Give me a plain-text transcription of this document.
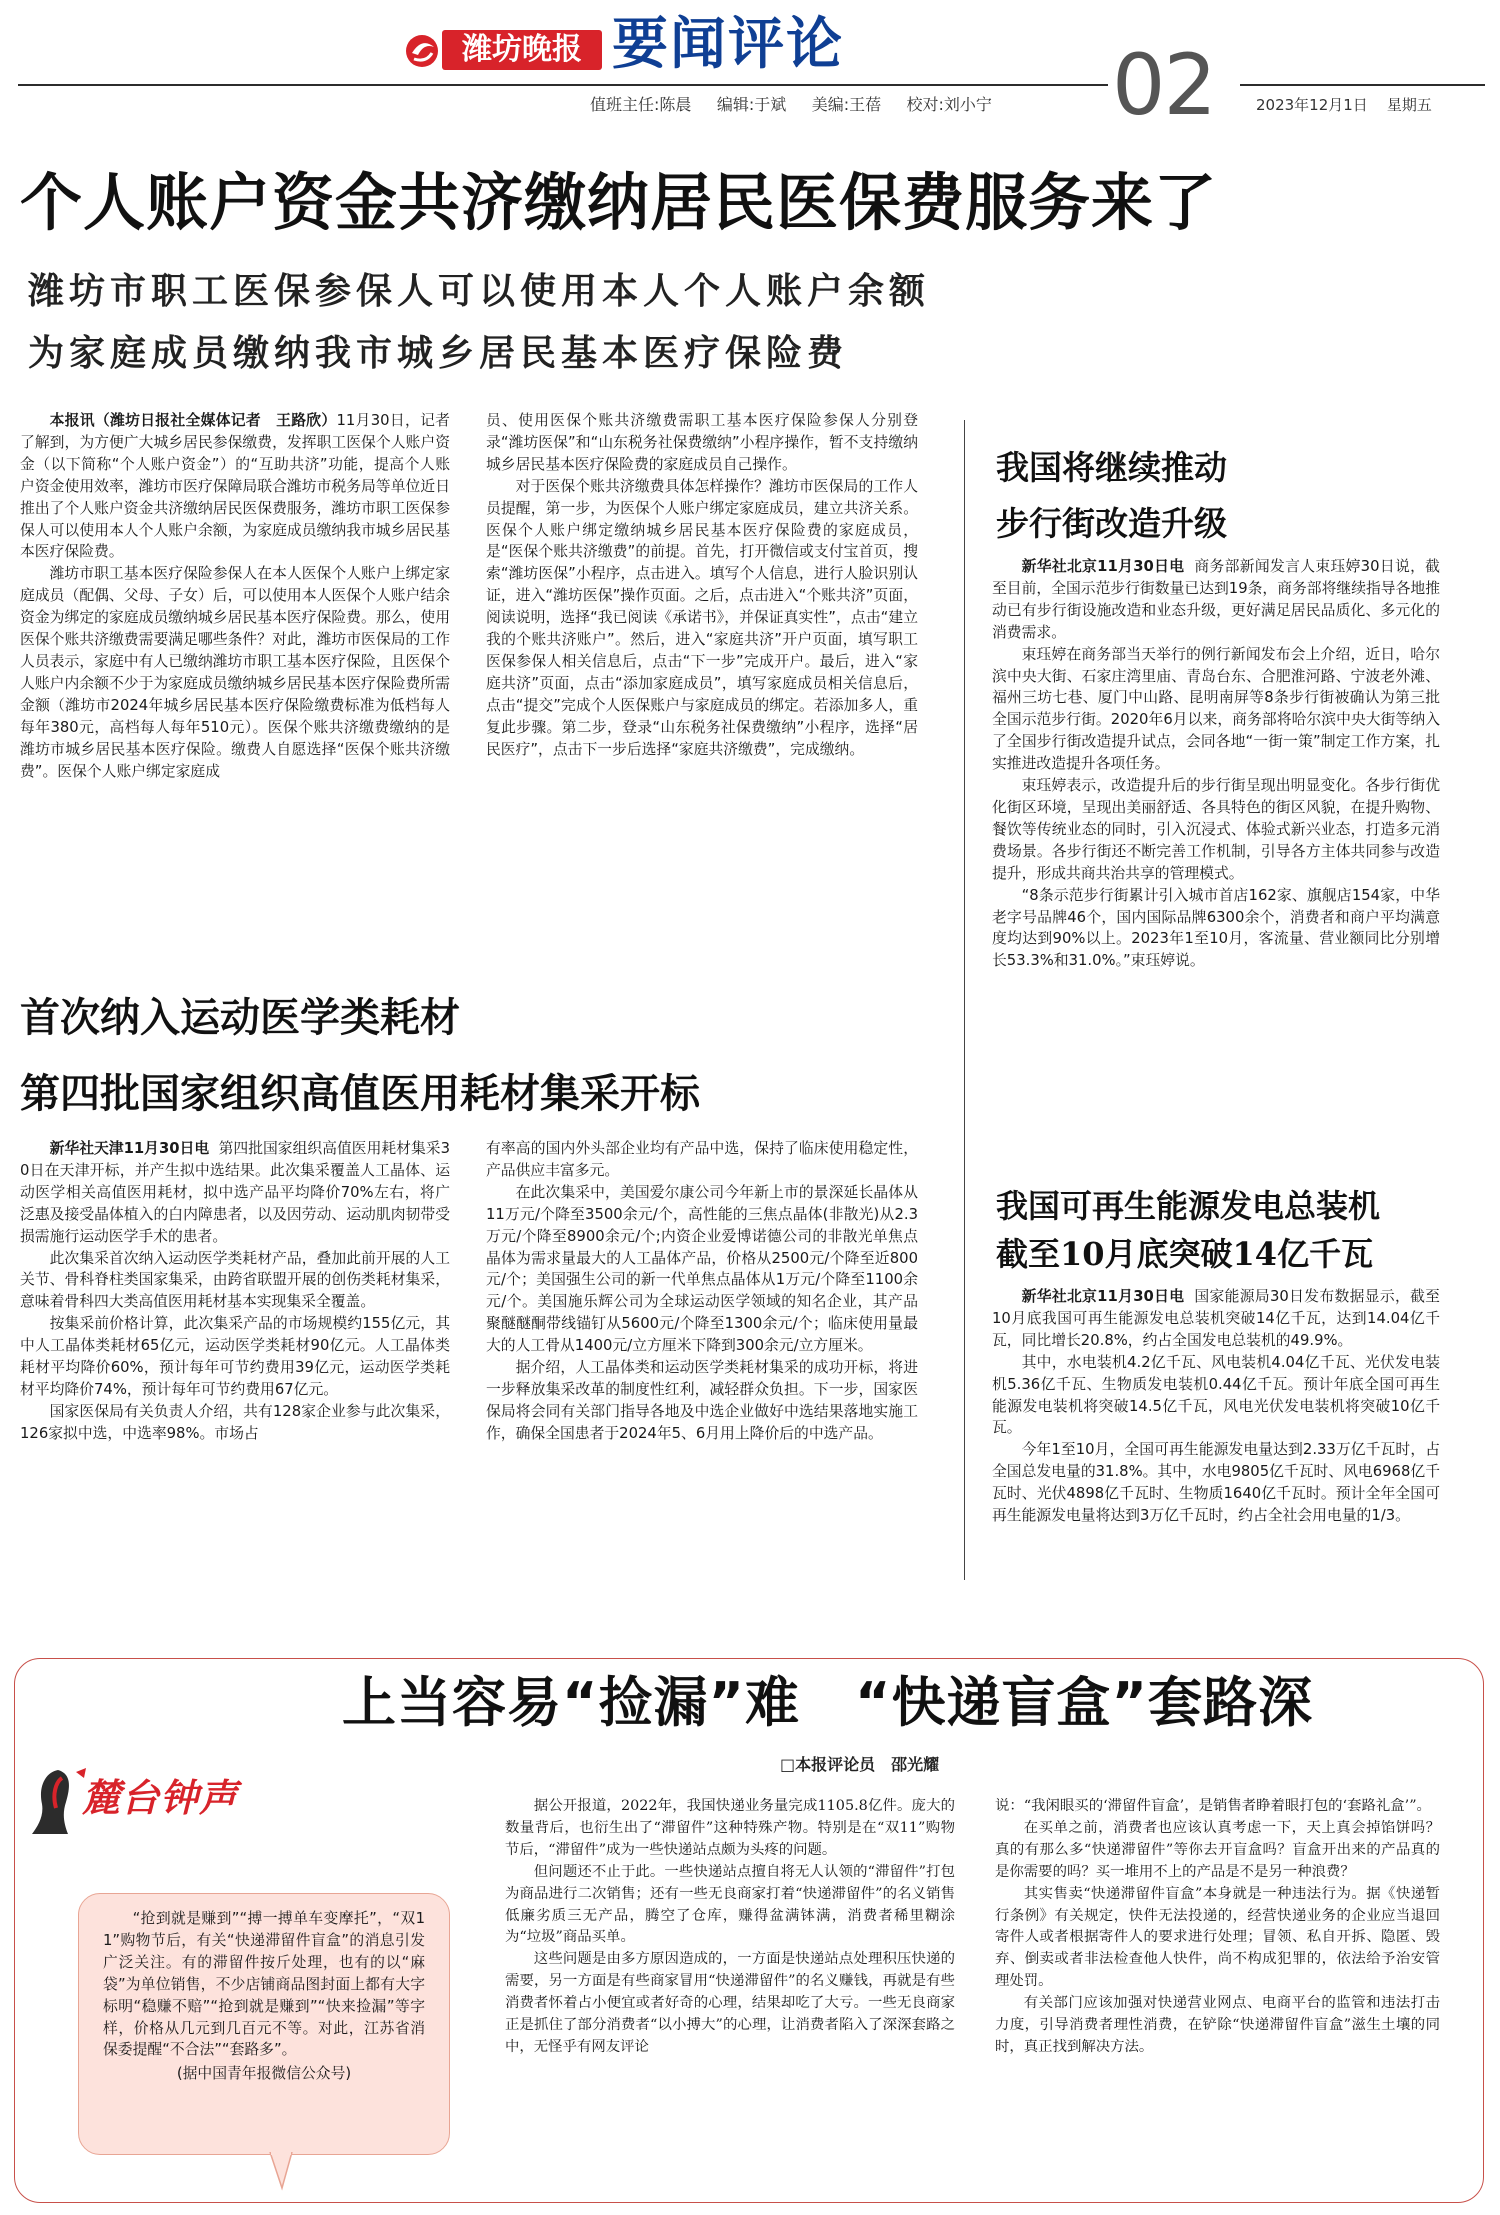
潍坊晚报 要闻评论	02
值班主任:陈晨 编辑:于斌 美编:王蓓 校对:刘小宁	2023年12月1日 星期五
个人账户资金共济缴纳居民医保费服务来了
潍坊市职工医保参保人可以使用本人个人账户余额
为家庭成员缴纳我市城乡居民基本医疗保险费

本报讯（潍坊日报社全媒体记者　王路欣）11月30日，记者了解到，为方便广大城乡居民参保缴费，发挥职工医保个人账户资金（以下简称“个人账户资金”）的“互助共济”功能，提高个人账户资金使用效率，潍坊市医疗保障局联合潍坊市税务局等单位近日推出了个人账户资金共济缴纳居民医保费服务，潍坊市职工医保参保人可以使用本人个人账户余额，为家庭成员缴纳我市城乡居民基本医疗保险费。

潍坊市职工基本医疗保险参保人在本人医保个人账户上绑定家庭成员（配偶、父母、子女）后，可以使用本人医保个人账户结余资金为绑定的家庭成员缴纳城乡居民基本医疗保险费。那么，使用医保个账共济缴费需要满足哪些条件？对此，潍坊市医保局的工作人员表示，家庭中有人已缴纳潍坊市职工基本医疗保险，且医保个人账户内余额不少于为家庭成员缴纳城乡居民基本医疗保险费所需金额（潍坊市2024年城乡居民基本医疗保险缴费标准为低档每人每年380元，高档每人每年510元）。医保个账共济缴费缴纳的是潍坊市城乡居民基本医疗保险。缴费人自愿选择“医保个账共济缴费”。医保个人账户绑定家庭成

员、使用医保个账共济缴费需职工基本医疗保险参保人分别登录“潍坊医保”和“山东税务社保费缴纳”小程序操作，暂不支持缴纳城乡居民基本医疗保险费的家庭成员自己操作。

对于医保个账共济缴费具体怎样操作？潍坊市医保局的工作人员提醒，第一步，为医保个人账户绑定家庭成员，建立共济关系。医保个人账户绑定缴纳城乡居民基本医疗保险费的家庭成员，是“医保个账共济缴费”的前提。首先，打开微信或支付宝首页，搜索“潍坊医保”小程序，点击进入。填写个人信息，进行人脸识别认证，进入“潍坊医保”操作页面。之后，点击进入“个账共济”页面，阅读说明，选择“我已阅读《承诺书》，并保证真实性”，点击“建立我的个账共济账户”。然后，进入“家庭共济”开户页面，填写职工医保参保人相关信息后，点击“下一步”完成开户。最后，进入“家庭共济”页面，点击“添加家庭成员”，填写家庭成员相关信息后，点击“提交”完成个人医保账户与家庭成员的绑定。若添加多人，重复此步骤。第二步，登录“山东税务社保费缴纳”小程序，选择“居民医疗”，点击下一步后选择“家庭共济缴费”，完成缴纳。

首次纳入运动医学类耗材
第四批国家组织高值医用耗材集采开标

新华社天津11月30日电 第四批国家组织高值医用耗材集采30日在天津开标，并产生拟中选结果。此次集采覆盖人工晶体、运动医学相关高值医用耗材，拟中选产品平均降价70%左右，将广泛惠及接受晶体植入的白内障患者，以及因劳动、运动肌肉韧带受损需施行运动医学手术的患者。

此次集采首次纳入运动医学类耗材产品，叠加此前开展的人工关节、骨科脊柱类国家集采，由跨省联盟开展的创伤类耗材集采，意味着骨科四大类高值医用耗材基本实现集采全覆盖。

按集采前价格计算，此次集采产品的市场规模约155亿元，其中人工晶体类耗材65亿元，运动医学类耗材90亿元。人工晶体类耗材平均降价60%，预计每年可节约费用39亿元，运动医学类耗材平均降价74%，预计每年可节约费用67亿元。

国家医保局有关负责人介绍，共有128家企业参与此次集采，126家拟中选，中选率98%。市场占

有率高的国内外头部企业均有产品中选，保持了临床使用稳定性，产品供应丰富多元。

在此次集采中，美国爱尔康公司今年新上市的景深延长晶体从11万元/个降至3500余元/个，高性能的三焦点晶体(非散光)从2.3万元/个降至8900余元/个;内资企业爱博诺德公司的非散光单焦点晶体为需求量最大的人工晶体产品，价格从2500元/个降至近800元/个；美国强生公司的新一代单焦点晶体从1万元/个降至1100余元/个。美国施乐辉公司为全球运动医学领域的知名企业，其产品聚醚醚酮带线锚钉从5600元/个降至1300余元/个；临床使用量最大的人工骨从1400元/立方厘米下降到300余元/立方厘米。

据介绍，人工晶体类和运动医学类耗材集采的成功开标，将进一步释放集采改革的制度性红利，减轻群众负担。下一步，国家医保局将会同有关部门指导各地及中选企业做好中选结果落地实施工作，确保全国患者于2024年5、6月用上降价后的中选产品。

我国将继续推动
步行街改造升级

新华社北京11月30日电 商务部新闻发言人束珏婷30日说，截至目前，全国示范步行街数量已达到19条，商务部将继续指导各地推动已有步行街设施改造和业态升级，更好满足居民品质化、多元化的消费需求。

束珏婷在商务部当天举行的例行新闻发布会上介绍，近日，哈尔滨中央大街、石家庄湾里庙、青岛台东、合肥淮河路、宁波老外滩、福州三坊七巷、厦门中山路、昆明南屏等8条步行街被确认为第三批全国示范步行街。2020年6月以来，商务部将哈尔滨中央大街等纳入了全国步行街改造提升试点，会同各地“一街一策”制定工作方案，扎实推进改造提升各项任务。

束珏婷表示，改造提升后的步行街呈现出明显变化。各步行街优化街区环境，呈现出美丽舒适、各具特色的街区风貌，在提升购物、餐饮等传统业态的同时，引入沉浸式、体验式新兴业态，打造多元消费场景。各步行街还不断完善工作机制，引导各方主体共同参与改造提升，形成共商共治共享的管理模式。

“8条示范步行街累计引入城市首店162家、旗舰店154家，中华老字号品牌46个，国内国际品牌6300余个，消费者和商户平均满意度均达到90%以上。2023年1至10月，客流量、营业额同比分别增长53.3%和31.0%。”束珏婷说。

我国可再生能源发电总装机
截至10月底突破14亿千瓦

新华社北京11月30日电 国家能源局30日发布数据显示，截至10月底我国可再生能源发电总装机突破14亿千瓦，达到14.04亿千瓦，同比增长20.8%，约占全国发电总装机的49.9%。

其中，水电装机4.2亿千瓦、风电装机4.04亿千瓦、光伏发电装机5.36亿千瓦、生物质发电装机0.44亿千瓦。预计年底全国可再生能源发电装机将突破14.5亿千瓦，风电光伏发电装机将突破10亿千瓦。

今年1至10月，全国可再生能源发电量达到2.33万亿千瓦时，占全国总发电量的31.8%。其中，水电9805亿千瓦时、风电6968亿千瓦时、光伏4898亿千瓦时、生物质1640亿千瓦时。预计全年全国可再生能源发电量将达到3万亿千瓦时，约占全社会用电量的1/3。

上当容易“捡漏”难　“快递盲盒”套路深
□本报评论员　邵光耀
麓台钟声

“抢到就是赚到”“搏一搏单车变摩托”，“双11”购物节后，有关“快递滞留件盲盒”的消息引发广泛关注。有的滞留件按斤处理，也有的以“麻袋”为单位销售，不少店铺商品图封面上都有大字标明“稳赚不赔”“抢到就是赚到”“快来捡漏”等字样，价格从几元到几百元不等。对此，江苏省消保委提醒“不合法”“套路多”。

(据中国青年报微信公众号)

据公开报道，2022年，我国快递业务量完成1105.8亿件。庞大的数量背后，也衍生出了“滞留件”这种特殊产物。特别是在“双11”购物节后，“滞留件”成为一些快递站点颇为头疼的问题。

但问题还不止于此。一些快递站点擅自将无人认领的“滞留件”打包为商品进行二次销售；还有一些无良商家打着“快递滞留件”的名义销售低廉劣质三无产品，腾空了仓库，赚得盆满钵满，消费者稀里糊涂为“垃圾”商品买单。

这些问题是由多方原因造成的，一方面是快递站点处理积压快递的需要，另一方面是有些商家冒用“快递滞留件”的名义赚钱，再就是有些消费者怀着占小便宜或者好奇的心理，结果却吃了大亏。一些无良商家正是抓住了部分消费者“以小搏大”的心理，让消费者陷入了深深套路之中，无怪乎有网友评论

说：“我闲眼买的‘滞留件盲盒’，是销售者睁着眼打包的‘套路礼盒’”。

在买单之前，消费者也应该认真考虑一下，天上真会掉馅饼吗？真的有那么多“快递滞留件”等你去开盲盒吗？盲盒开出来的产品真的是你需要的吗？买一堆用不上的产品是不是另一种浪费？

其实售卖“快递滞留件盲盒”本身就是一种违法行为。据《快递暂行条例》有关规定，快件无法投递的，经营快递业务的企业应当退回寄件人或者根据寄件人的要求进行处理；冒领、私自开拆、隐匿、毁弃、倒卖或者非法检查他人快件，尚不构成犯罪的，依法给予治安管理处罚。

有关部门应该加强对快递营业网点、电商平台的监管和违法打击力度，引导消费者理性消费，在铲除“快递滞留件盲盒”滋生土壤的同时，真正找到解决方法。
